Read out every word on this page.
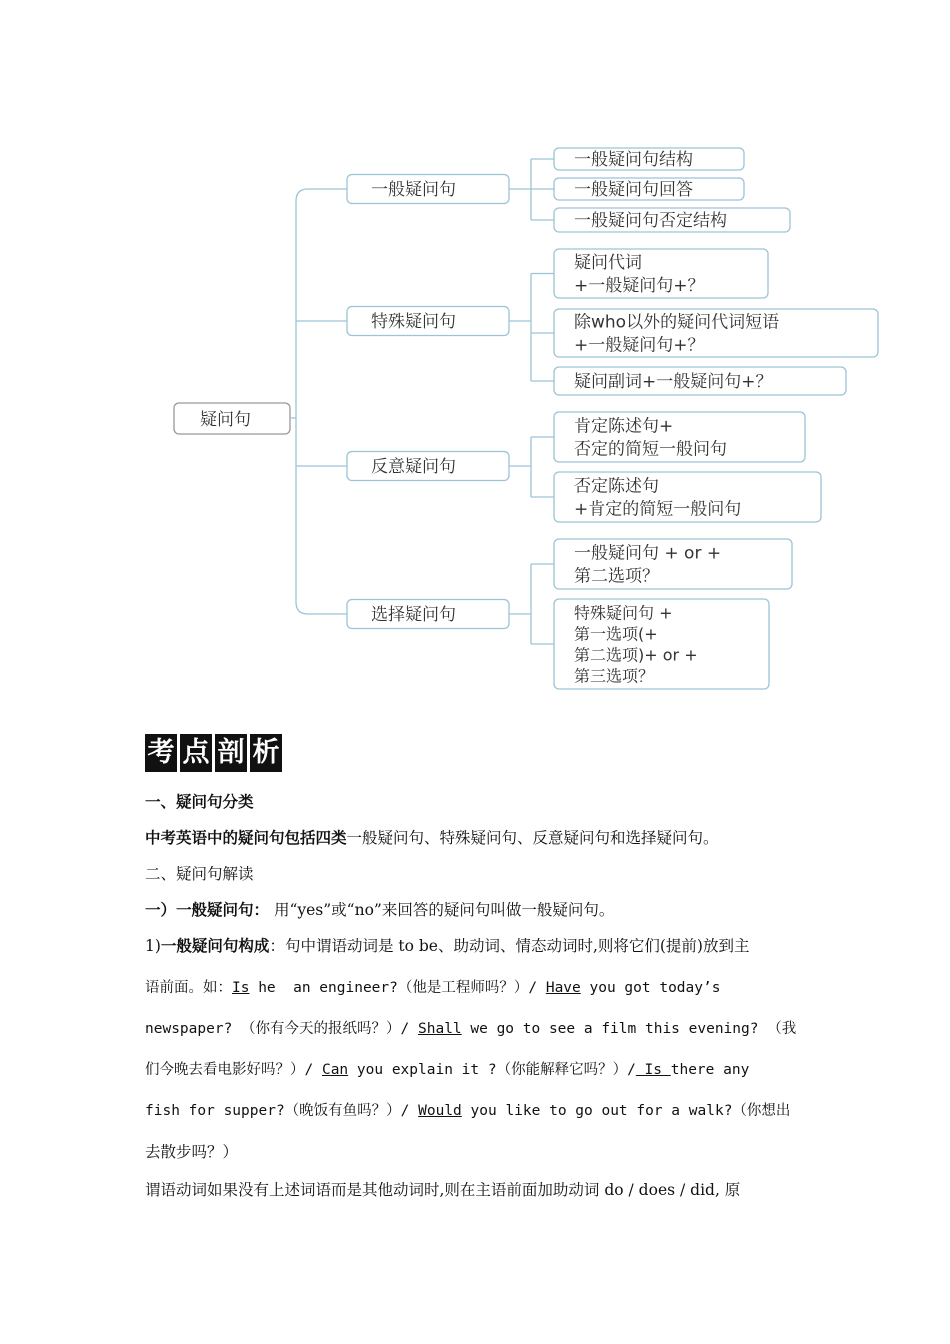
疑问句
一般疑问句
一般疑问句结构
一般疑问句回答
一般疑问句否定结构
特殊疑问句
疑问代词
+一般疑问句+？
除who以外的疑问代词短语
+一般疑问句+？
疑问副词+一般疑问句+？
反意疑问句
肯定陈述句+
否定的简短一般问句
否定陈述句
+肯定的简短一般问句
选择疑问句
一般疑问句 + or +
第二选项？
特殊疑问句 +
第一选项(+
第二选项)+ or +
第三选项？
考 点 剖 析

一、疑问句分类

中考英语中的疑问句包括四类一般疑问句、特殊疑问句、反意疑问句和选择疑问句。

二、疑问句解读

一）一般疑问句： 用“yes”或“no”来回答的疑问句叫做一般疑问句。

1)一般疑问句构成：句中谓语动词是 to be、助动词、情态动词时,则将它们(提前)放到主

语前面。如：Is he  an engineer?（他是工程师吗？）/ Have you got today’s

newspaper? （你有今天的报纸吗？）/ Shall we go to see a film this evening? （我

们今晚去看电影好吗？）/ Can you explain it ?（你能解释它吗？）/ Is there any

fish for supper?（晚饭有鱼吗？）/ Would you like to go out for a walk?（你想出

去散步吗？）

谓语动词如果没有上述词语而是其他动词时,则在主语前面加助动词 do / does / did, 原
